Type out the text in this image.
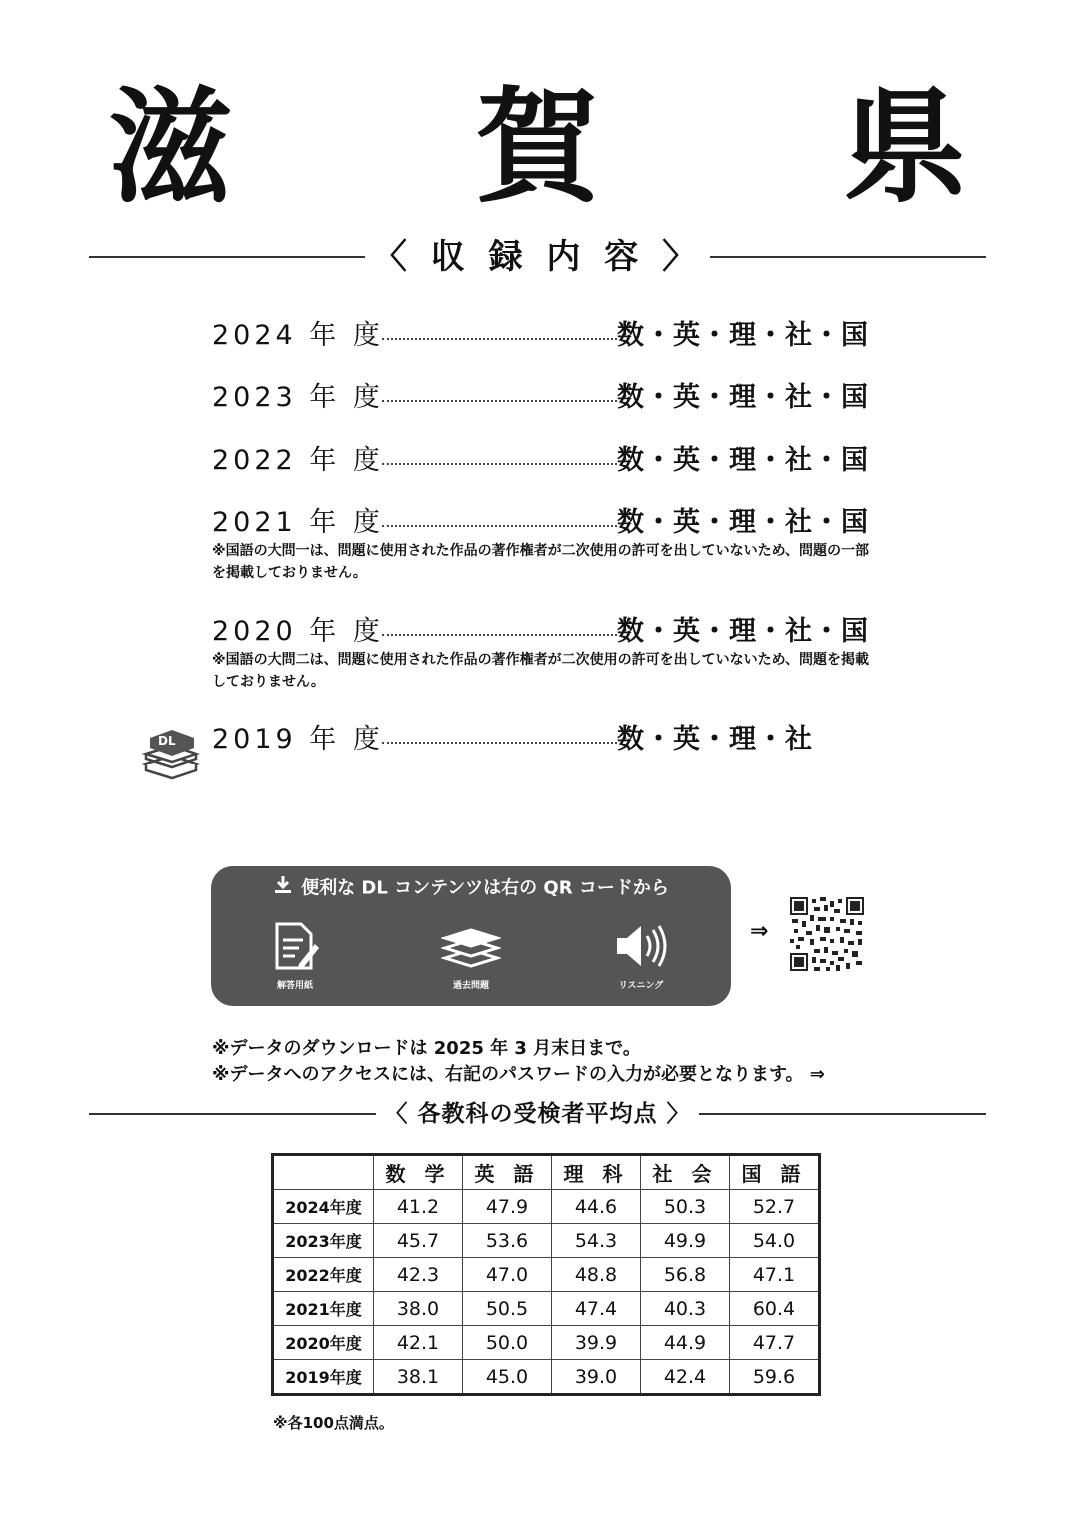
滋 賀 県
〈 収 録 内 容 〉
2024 年 度	数・英・理・社・国
2023 年 度	数・英・理・社・国
2022 年 度	数・英・理・社・国
2021 年 度	数・英・理・社・国
※国語の大問一は、問題に使用された作品の著作権者が二次使用の許可を出していないため、問題の一部を掲載しておりません。
2020 年 度	数・英・理・社・国
※国語の大問二は、問題に使用された作品の著作権者が二次使用の許可を出していないため、問題を掲載しておりません。
DL 2019 年 度	数・英・理・社
便利な DL コンテンツは右の QR コードから
解答用紙	過去問題	リスニング
⇒
※データのダウンロードは 2025 年 3 月末日まで。
※データへのアクセスには、右記のパスワードの入力が必要となります。 ⇒
〈 各教科の受検者平均点 〉
	数 学	英 語	理 科	社 会	国 語
2024年度	41.2	47.9	44.6	50.3	52.7
2023年度	45.7	53.6	54.3	49.9	54.0
2022年度	42.3	47.0	48.8	56.8	47.1
2021年度	38.0	50.5	47.4	40.3	60.4
2020年度	42.1	50.0	39.9	44.9	47.7
2019年度	38.1	45.0	39.0	42.4	59.6
※各100点満点。
